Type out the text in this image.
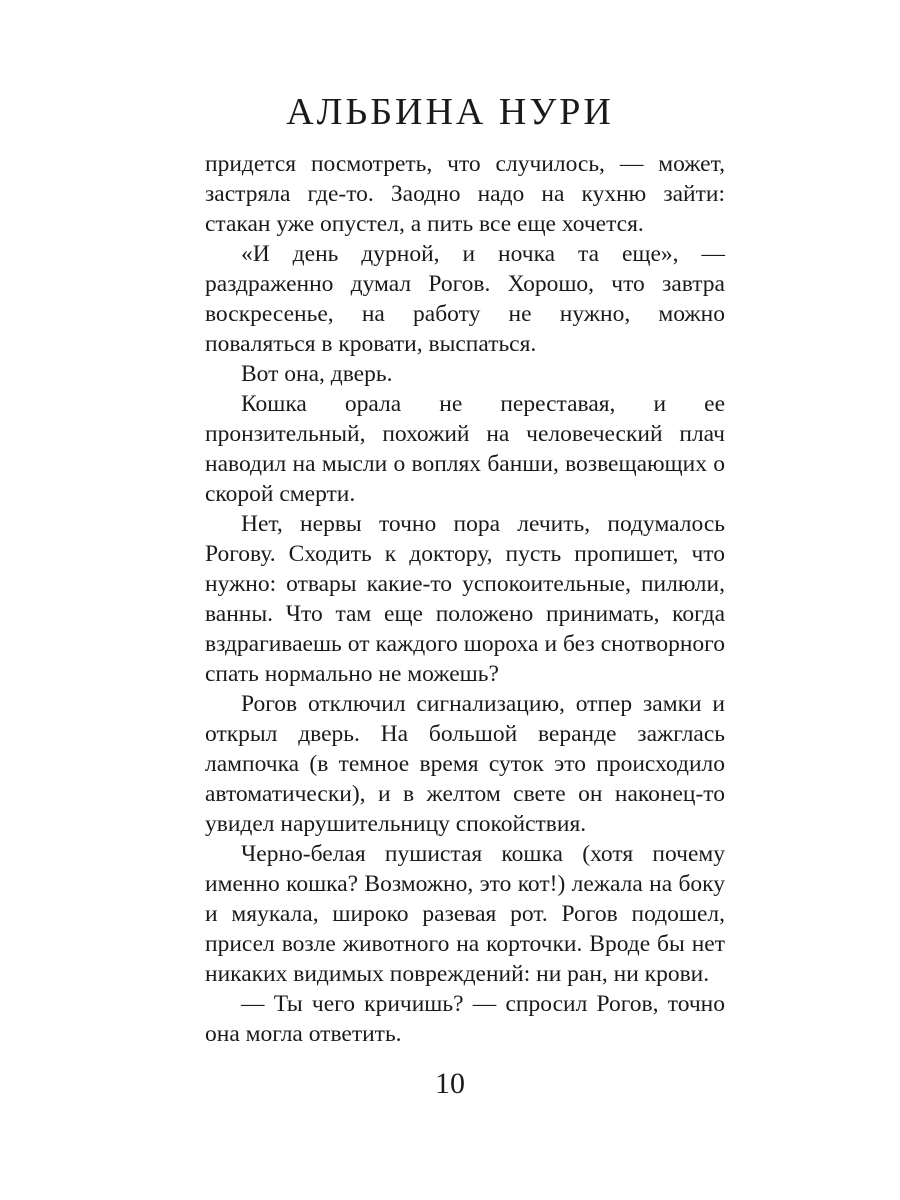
АЛЬБИНА НУРИ

придется посмотреть, что случилось, — может, застряла где-то. Заодно надо на кухню зайти: стакан уже опустел, а пить все еще хочется.

«И день дурной, и ночка та еще», — раздраженно думал Рогов. Хорошо, что завтра воскресенье, на работу не нужно, можно поваляться в кровати, выспаться.

Вот она, дверь.

Кошка орала не переставая, и ее пронзительный, похожий на человеческий плач наводил на мысли о воплях банши, возвещающих о скорой смерти.

Нет, нервы точно пора лечить, подумалось Рогову. Сходить к доктору, пусть пропишет, что нужно: отвары какие-то успокоительные, пилюли, ванны. Что там еще положено принимать, когда вздрагиваешь от каждого шороха и без снотворного спать нормально не можешь?

Рогов отключил сигнализацию, отпер замки и открыл дверь. На большой веранде зажглась лампочка (в темное время суток это происходило автоматически), и в желтом свете он наконец-то увидел нарушительницу спокойствия.

Черно-белая пушистая кошка (хотя почему именно кошка? Возможно, это кот!) лежала на боку и мяукала, широко разевая рот. Рогов подошел, присел возле животного на корточки. Вроде бы нет никаких видимых повреждений: ни ран, ни крови.

— Ты чего кричишь? — спросил Рогов, точно она могла ответить.

10
